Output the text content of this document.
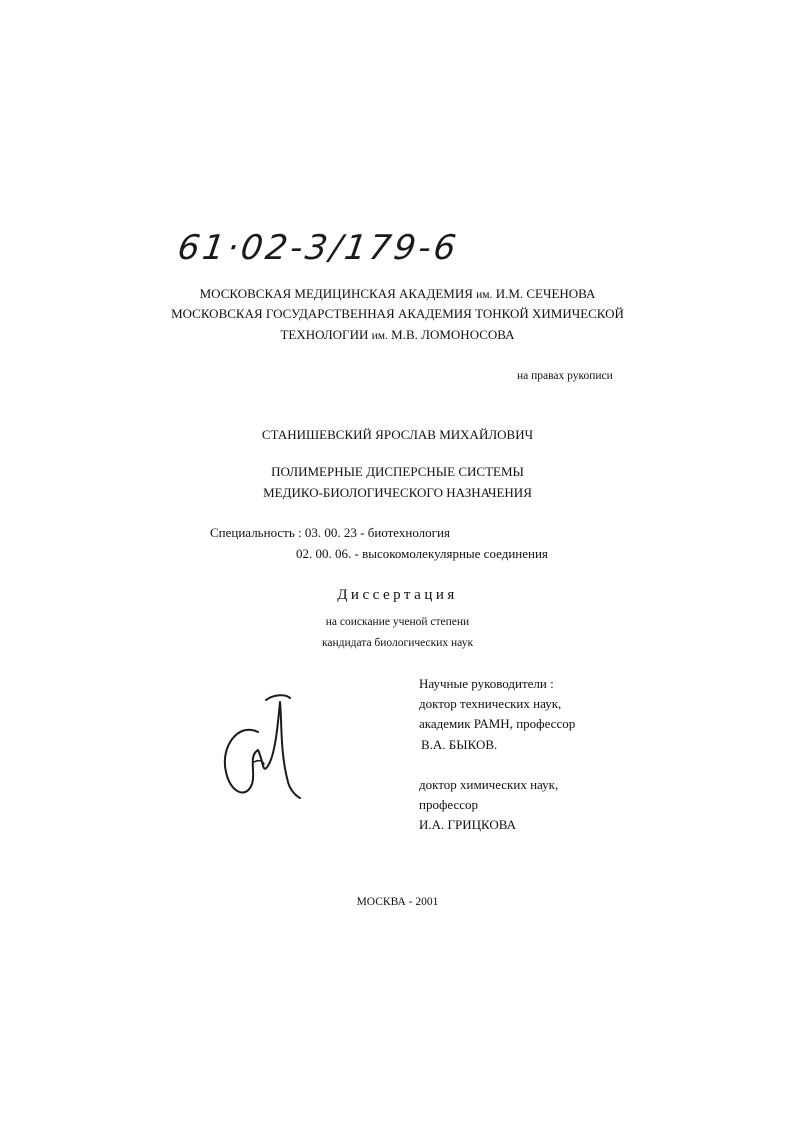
61·02-3/179-6
МОСКОВСКАЯ МЕДИЦИНСКАЯ АКАДЕМИЯ им. И.М. СЕЧЕНОВА
МОСКОВСКАЯ ГОСУДАРСТВЕННАЯ АКАДЕМИЯ ТОНКОЙ ХИМИЧЕСКОЙ
ТЕХНОЛОГИИ им. М.В. ЛОМОНОСОВА
на правах рукописи
СТАНИШЕВСКИЙ ЯРОСЛАВ МИХАЙЛОВИЧ
ПОЛИМЕРНЫЕ ДИСПЕРСНЫЕ СИСТЕМЫ
МЕДИКО-БИОЛОГИЧЕСКОГО НАЗНАЧЕНИЯ
Специальность : 03. 00. 23 - биотехнология
02. 00. 06. - высокомолекулярные соединения
Диссертация
на соискание ученой степени
кандидата биологических наук
Научные руководители :
доктор технических наук,
академик РАМН, профессор
В.А. БЫКОВ.
доктор химических наук,
профессор
И.А. ГРИЦКОВА
МОСКВА - 2001
